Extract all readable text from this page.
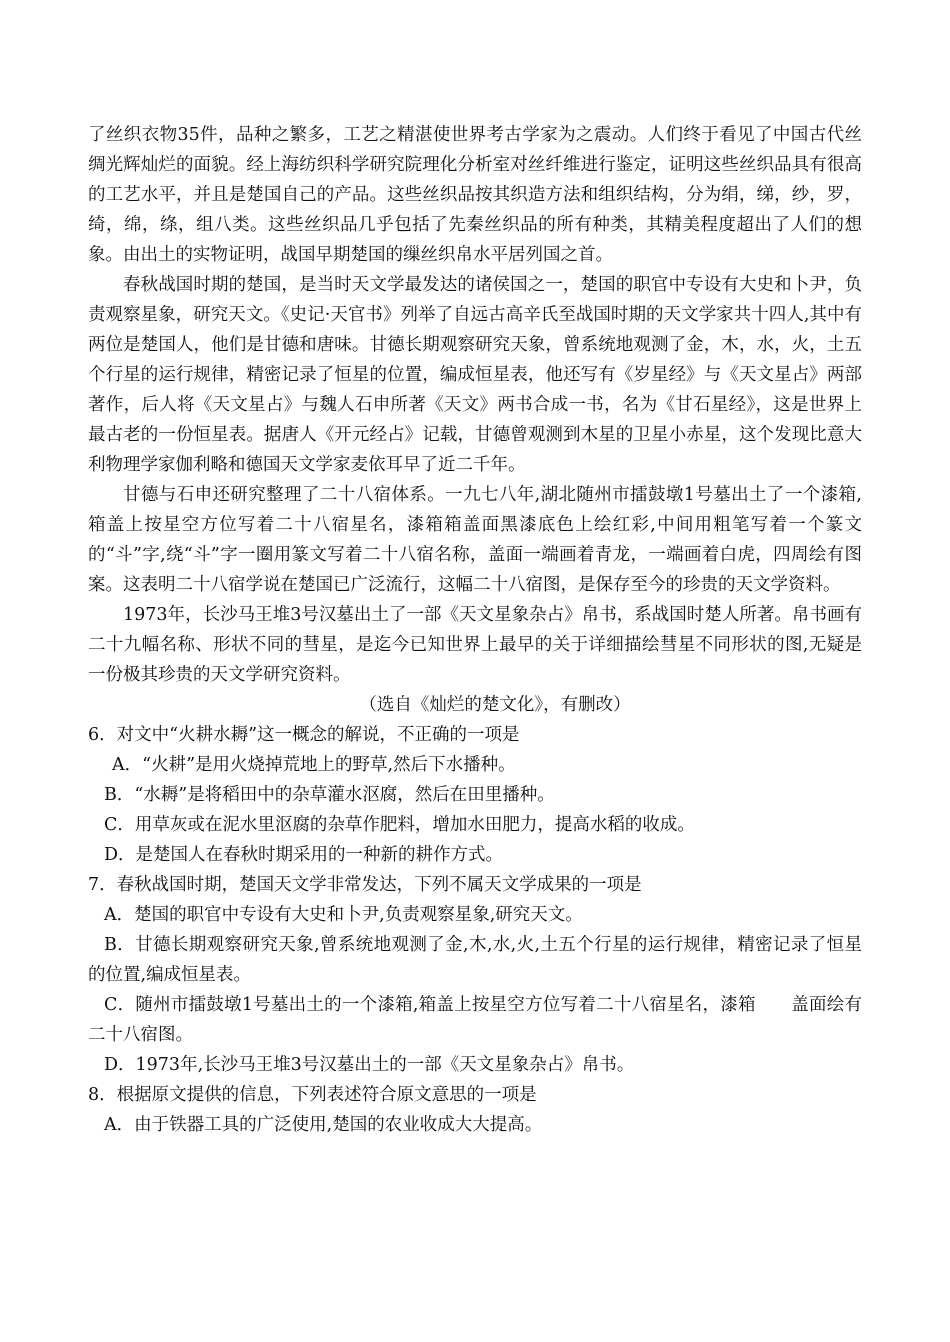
了丝织衣物35件，品种之繁多，工艺之精湛使世界考古学家为之震动。人们终于看见了中国古代丝绸光辉灿烂的面貌。经上海纺织科学研究院理化分析室对丝纤维进行鉴定，证明这些丝织品具有很高的工艺水平，并且是楚国自己的产品。这些丝织品按其织造方法和组织结构，分为绢，绨，纱，罗，绮，绵，绦，组八类。这些丝织品几乎包括了先秦丝织品的所有种类，其精美程度超出了人们的想象。由出土的实物证明，战国早期楚国的缫丝织帛水平居列国之首。

春秋战国时期的楚国，是当时天文学最发达的诸侯国之一，楚国的职官中专设有大史和卜尹，负责观察星象，研究天文。《史记·天官书》列举了自远古高辛氏至战国时期的天文学家共十四人,其中有两位是楚国人，他们是甘德和唐味。甘德长期观察研究天象，曾系统地观测了金，木，水，火，土五个行星的运行规律，精密记录了恒星的位置，编成恒星表，他还写有《岁星经》与《天文星占》两部著作，后人将《天文星占》与魏人石申所著《天文》两书合成一书，名为《甘石星经》，这是世界上最古老的一份恒星表。据唐人《开元经占》记载，甘德曾观测到木星的卫星小赤星，这个发现比意大利物理学家伽利略和德国天文学家麦依耳早了近二千年。

甘德与石申还研究整理了二十八宿体系。一九七八年,湖北随州市擂鼓墩1号墓出土了一个漆箱,箱盖上按星空方位写着二十八宿星名，漆箱箱盖面黑漆底色上绘红彩,中间用粗笔写着一个篆文的“斗”字,绕“斗”字一圈用篆文写着二十八宿名称，盖面一端画着青龙，一端画着白虎，四周绘有图案。这表明二十八宿学说在楚国已广泛流行，这幅二十八宿图，是保存至今的珍贵的天文学资料。

1973年，长沙马王堆3号汉墓出土了一部《天文星象杂占》帛书，系战国时楚人所著。帛书画有二十九幅名称、形状不同的彗星，是迄今已知世界上最早的关于详细描绘彗星不同形状的图,无疑是一份极其珍贵的天文学研究资料。

（选自《灿烂的楚文化》，有删改）

6．对文中“火耕水耨”这一概念的解说，不正确的一项是

A．“火耕”是用火烧掉荒地上的野草,然后下水播种。

B．“水耨”是将稻田中的杂草灌水沤腐，然后在田里播种。

C．用草灰或在泥水里沤腐的杂草作肥料，增加水田肥力，提高水稻的收成。

D．是楚国人在春秋时期采用的一种新的耕作方式。

7．春秋战国时期，楚国天文学非常发达，下列不属天文学成果的一项是

A．楚国的职官中专设有大史和卜尹,负责观察星象,研究天文。

B．甘德长期观察研究天象,曾系统地观测了金,木,水,火,土五个行星的运行规律，精密记录了恒星的位置,编成恒星表。

C．随州市擂鼓墩1号墓出土的一个漆箱,箱盖上按星空方位写着二十八宿星名，漆箱　　盖面绘有二十八宿图。

D．1973年,长沙马王堆3号汉墓出土的一部《天文星象杂占》帛书。

8．根据原文提供的信息，下列表述符合原文意思的一项是

A．由于铁器工具的广泛使用,楚国的农业收成大大提高。
